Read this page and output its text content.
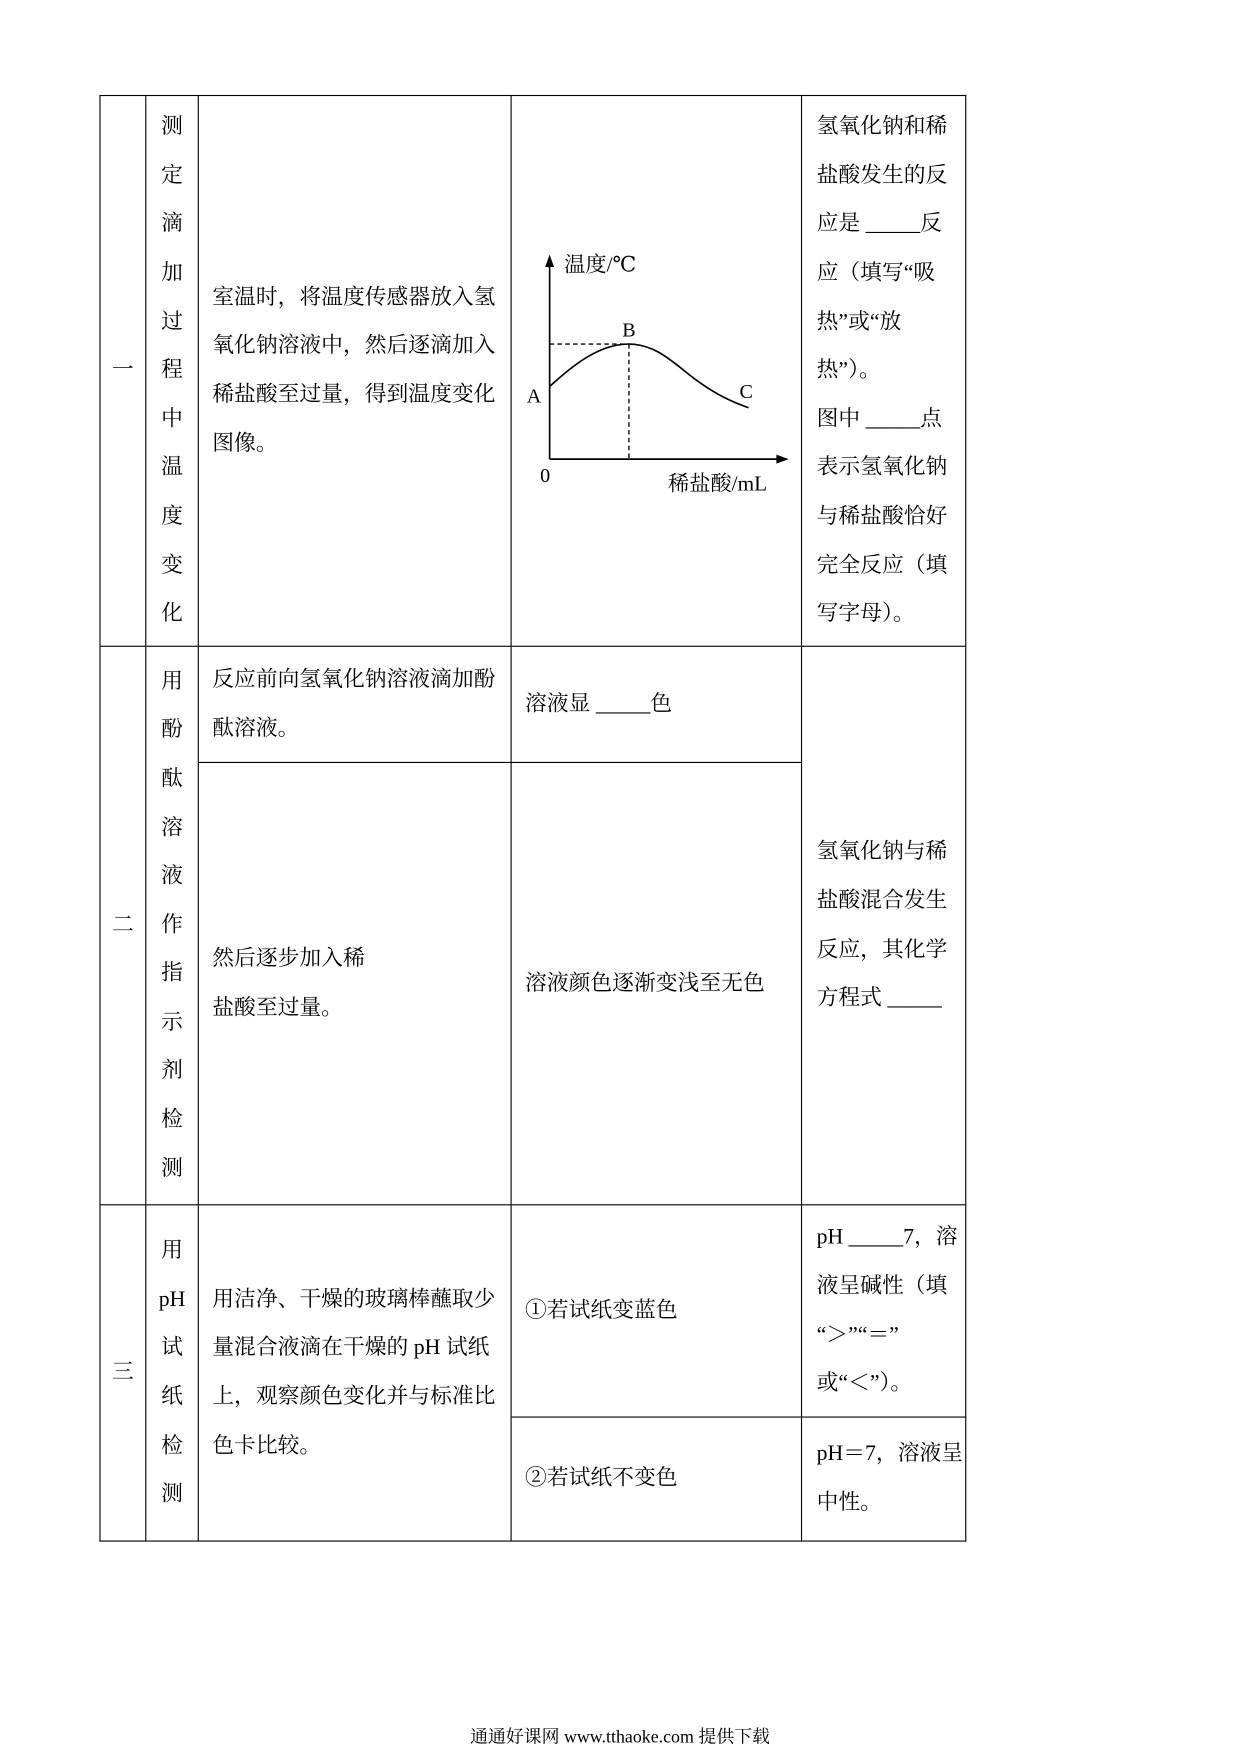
一
测
定
滴
加
过
程
中
温
度
变
化
室温时，将温度传感器放入氢
氧化钠溶液中，然后逐滴加入
稀盐酸至过量，得到温度变化
图像。
温度/℃
稀盐酸/mL
0
A
B
C
氢氧化钠和稀
盐酸发生的反
应是 _____反
应（填写“吸
热”或“放
热”）。
图中 _____点
表示氢氧化钠
与稀盐酸恰好
完全反应（填
写字母）。
二
用
酚
酞
溶
液
作
指
示
剂
检
测
反应前向氢氧化钠溶液滴加酚
酞溶液。
溶液显 _____色
然后逐步加入稀
盐酸至过量。
溶液颜色逐渐变浅至无色
氢氧化钠与稀
盐酸混合发生
反应，其化学
方程式 _____
三
用
pH
试
纸
检
测
用洁净、干燥的玻璃棒蘸取少
量混合液滴在干燥的 pH 试纸
上，观察颜色变化并与标准比
色卡比较。
①若试纸变蓝色
pH _____7，溶
液呈碱性（填
“＞”“＝”
或“＜”）。
②若试纸不变色
pH＝7，溶液呈
中性。
通通好课网 www.tthaoke.com 提供下载
